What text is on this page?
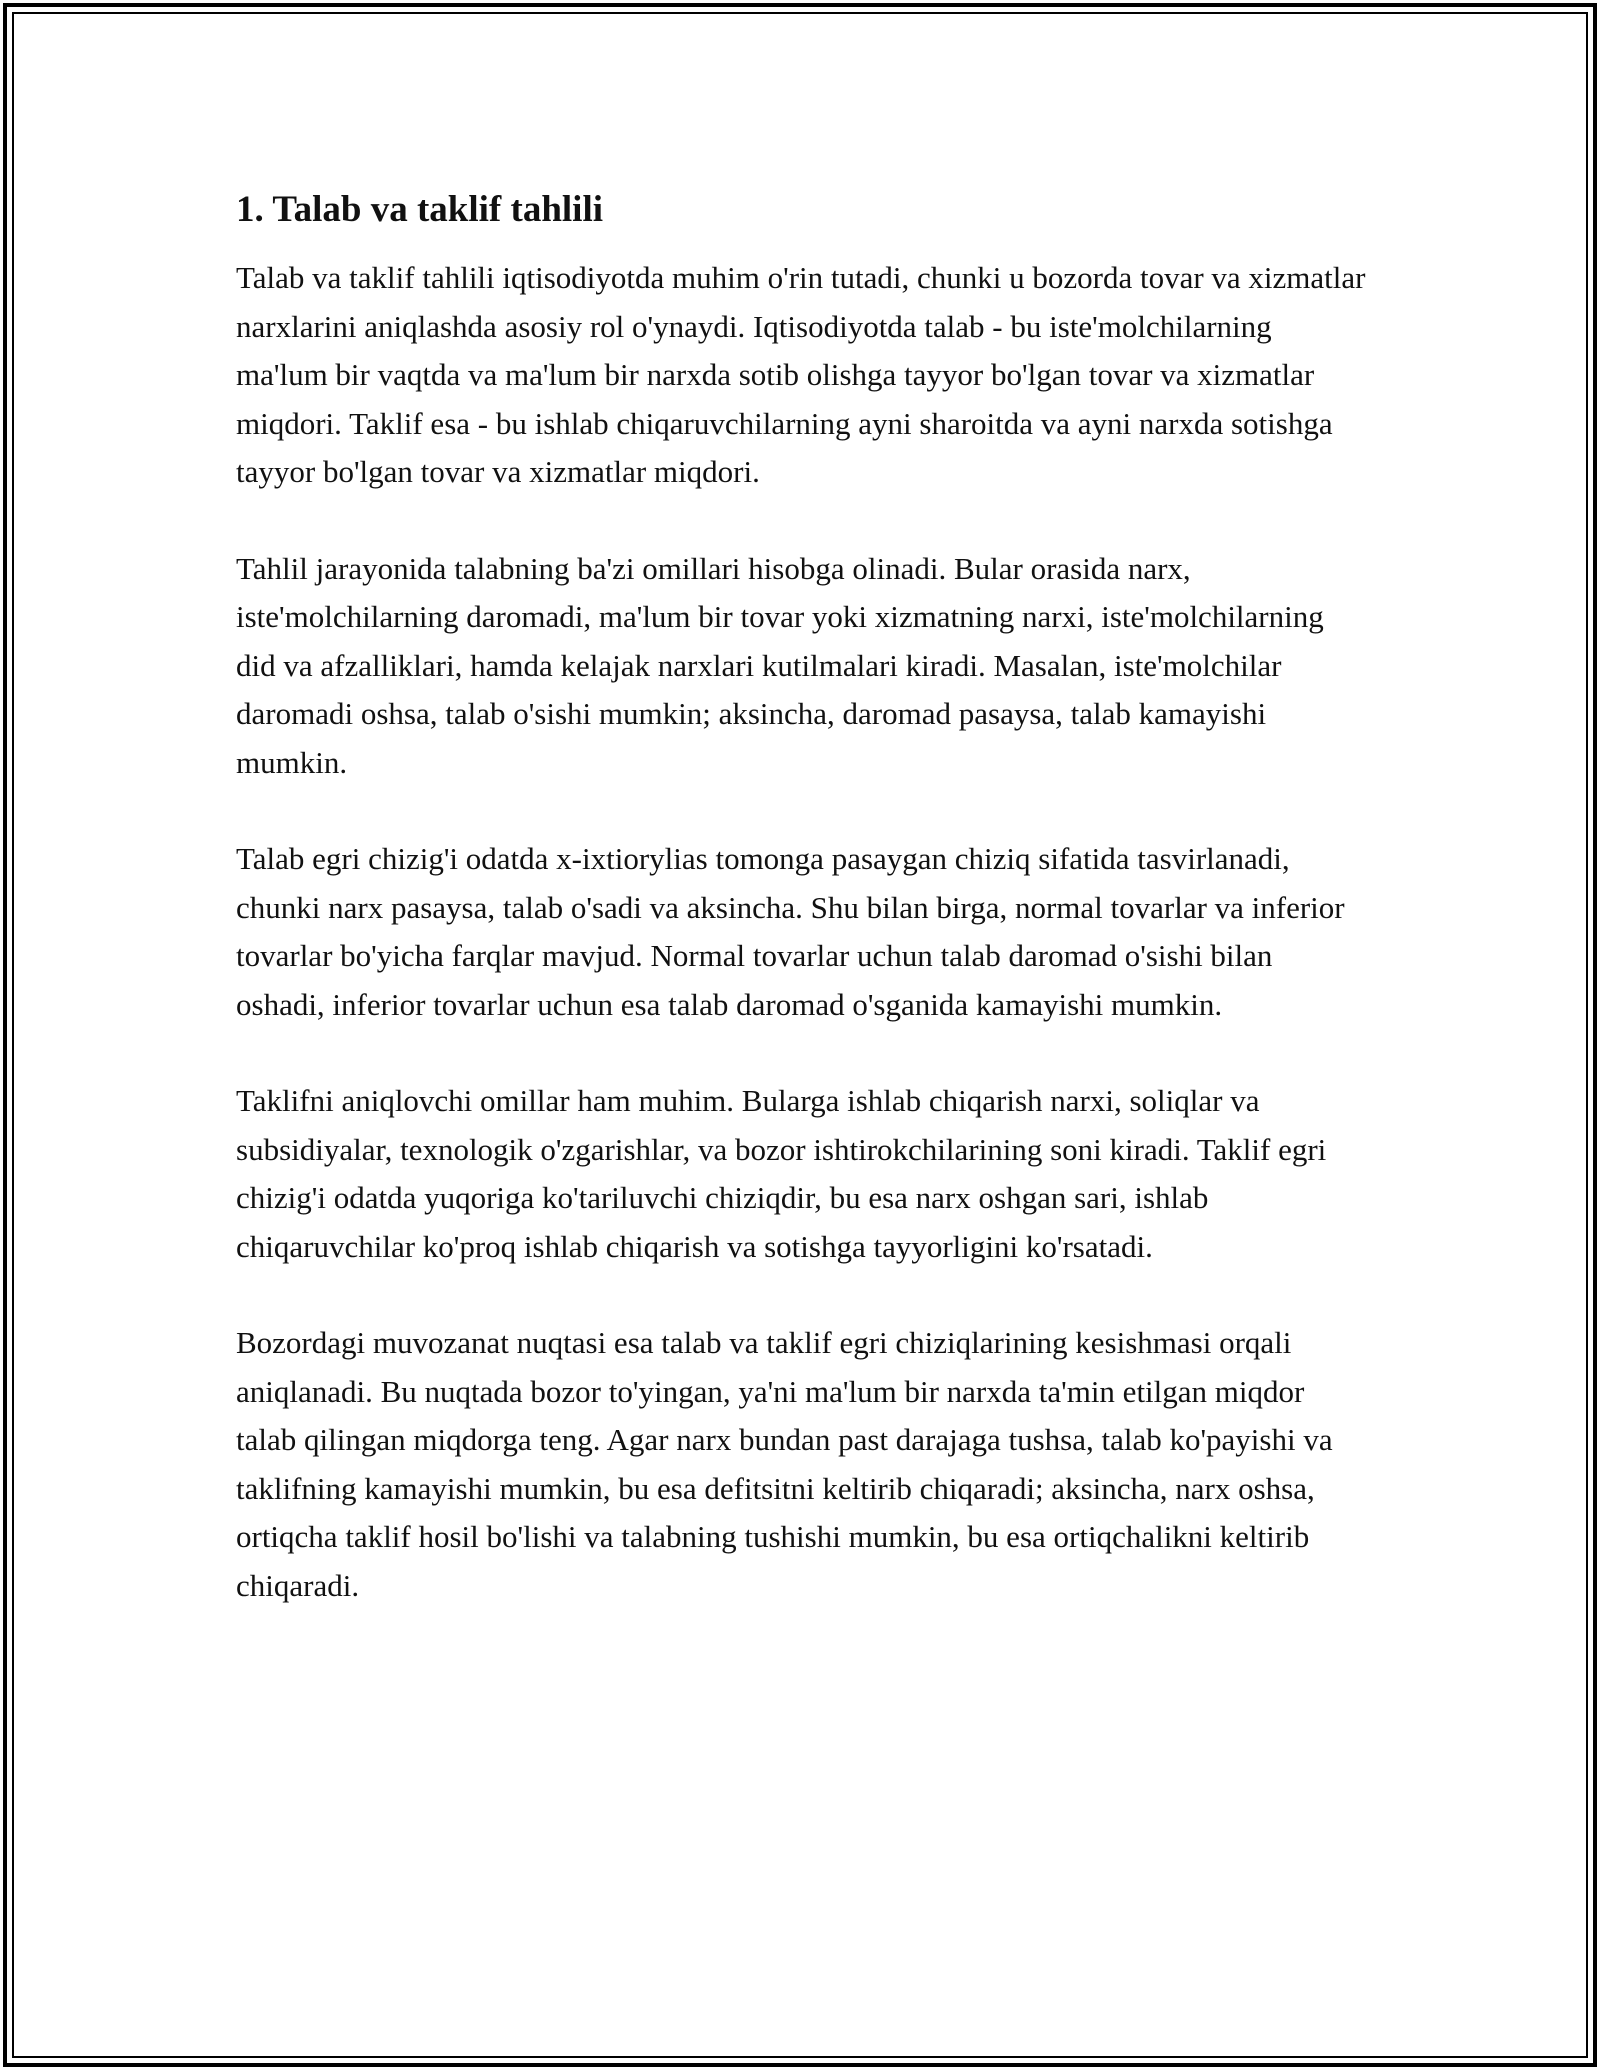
1. Talab va taklif tahlili

Talab va taklif tahlili iqtisodiyotda muhim o'rin tutadi, chunki u bozorda tovar va xizmatlar narxlarini aniqlashda asosiy rol o'ynaydi. Iqtisodiyotda talab - bu iste'molchilarning ma'lum bir vaqtda va ma'lum bir narxda sotib olishga tayyor bo'lgan tovar va xizmatlar miqdori. Taklif esa - bu ishlab chiqaruvchilarning ayni sharoitda va ayni narxda sotishga tayyor bo'lgan tovar va xizmatlar miqdori.

Tahlil jarayonida talabning ba'zi omillari hisobga olinadi. Bular orasida narx, iste'molchilarning daromadi, ma'lum bir tovar yoki xizmatning narxi, iste'molchilarning did va afzalliklari, hamda kelajak narxlari kutilmalari kiradi. Masalan, iste'molchilar daromadi oshsa, talab o'sishi mumkin; aksincha, daromad pasaysa, talab kamayishi mumkin.

Talab egri chizig'i odatda x-ixtiorylias tomonga pasaygan chiziq sifatida tasvirlanadi, chunki narx pasaysa, talab o'sadi va aksincha. Shu bilan birga, normal tovarlar va inferior tovarlar bo'yicha farqlar mavjud. Normal tovarlar uchun talab daromad o'sishi bilan oshadi, inferior tovarlar uchun esa talab daromad o'sganida kamayishi mumkin.

Taklifni aniqlovchi omillar ham muhim. Bularga ishlab chiqarish narxi, soliqlar va subsidiyalar, texnologik o'zgarishlar, va bozor ishtirokchilarining soni kiradi. Taklif egri chizig'i odatda yuqoriga ko'tariluvchi chiziqdir, bu esa narx oshgan sari, ishlab chiqaruvchilar ko'proq ishlab chiqarish va sotishga tayyorligini ko'rsatadi.

Bozordagi muvozanat nuqtasi esa talab va taklif egri chiziqlarining kesishmasi orqali aniqlanadi. Bu nuqtada bozor to'yingan, ya'ni ma'lum bir narxda ta'min etilgan miqdor talab qilingan miqdorga teng. Agar narx bundan past darajaga tushsa, talab ko'payishi va taklifning kamayishi mumkin, bu esa defitsitni keltirib chiqaradi; aksincha, narx oshsa, ortiqcha taklif hosil bo'lishi va talabning tushishi mumkin, bu esa ortiqchalikni keltirib chiqaradi.
